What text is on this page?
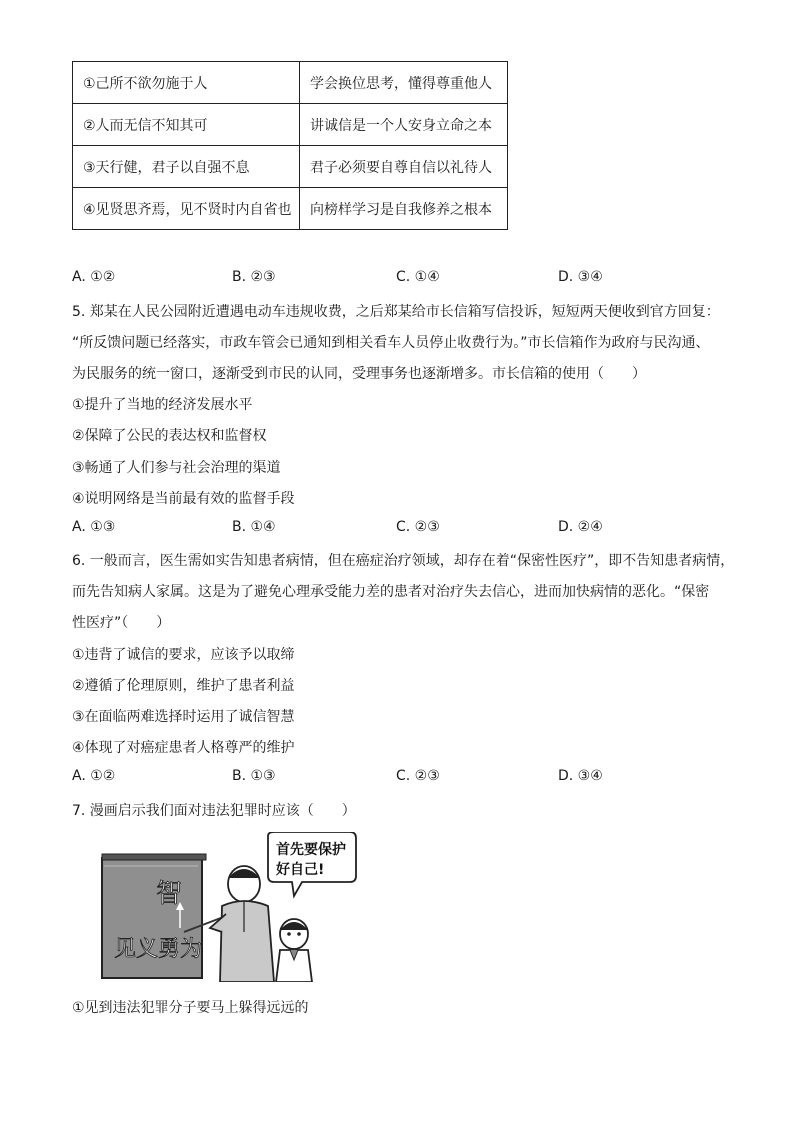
①己所不欲勿施于人	学会换位思考，懂得尊重他人
②人而无信不知其可	讲诚信是一个人安身立命之本
③天行健，君子以自强不息	君子必须要自尊自信以礼待人
④见贤思齐焉，见不贤时内自省也	向榜样学习是自我修养之根本
A. ①②	B. ②③	C. ①④	D. ③④
5. 郑某在人民公园附近遭遇电动车违规收费，之后郑某给市长信箱写信投诉，短短两天便收到官方回复：
“所反馈问题已经落实，市政车管会已通知到相关看车人员停止收费行为。”市长信箱作为政府与民沟通、
为民服务的统一窗口，逐渐受到市民的认同，受理事务也逐渐增多。市长信箱的使用（　　）
①提升了当地的经济发展水平
②保障了公民的表达权和监督权
③畅通了人们参与社会治理的渠道
④说明网络是当前最有效的监督手段
A. ①③	B. ①④	C. ②③	D. ②④
6. 一般而言，医生需如实告知患者病情，但在癌症治疗领域，却存在着“保密性医疗”，即不告知患者病情，
而先告知病人家属。这是为了避免心理承受能力差的患者对治疗失去信心，进而加快病情的恶化。“保密
性医疗”（　　）
①违背了诚信的要求，应该予以取缔
②遵循了伦理原则，维护了患者利益
③在面临两难选择时运用了诚信智慧
④体现了对癌症患者人格尊严的维护
A. ①②	B. ①③	C. ②③	D. ③④
7. 漫画启示我们面对违法犯罪时应该（　　）
智
见义勇为
首先要保护
好自己!
①见到违法犯罪分子要马上躲得远远的
